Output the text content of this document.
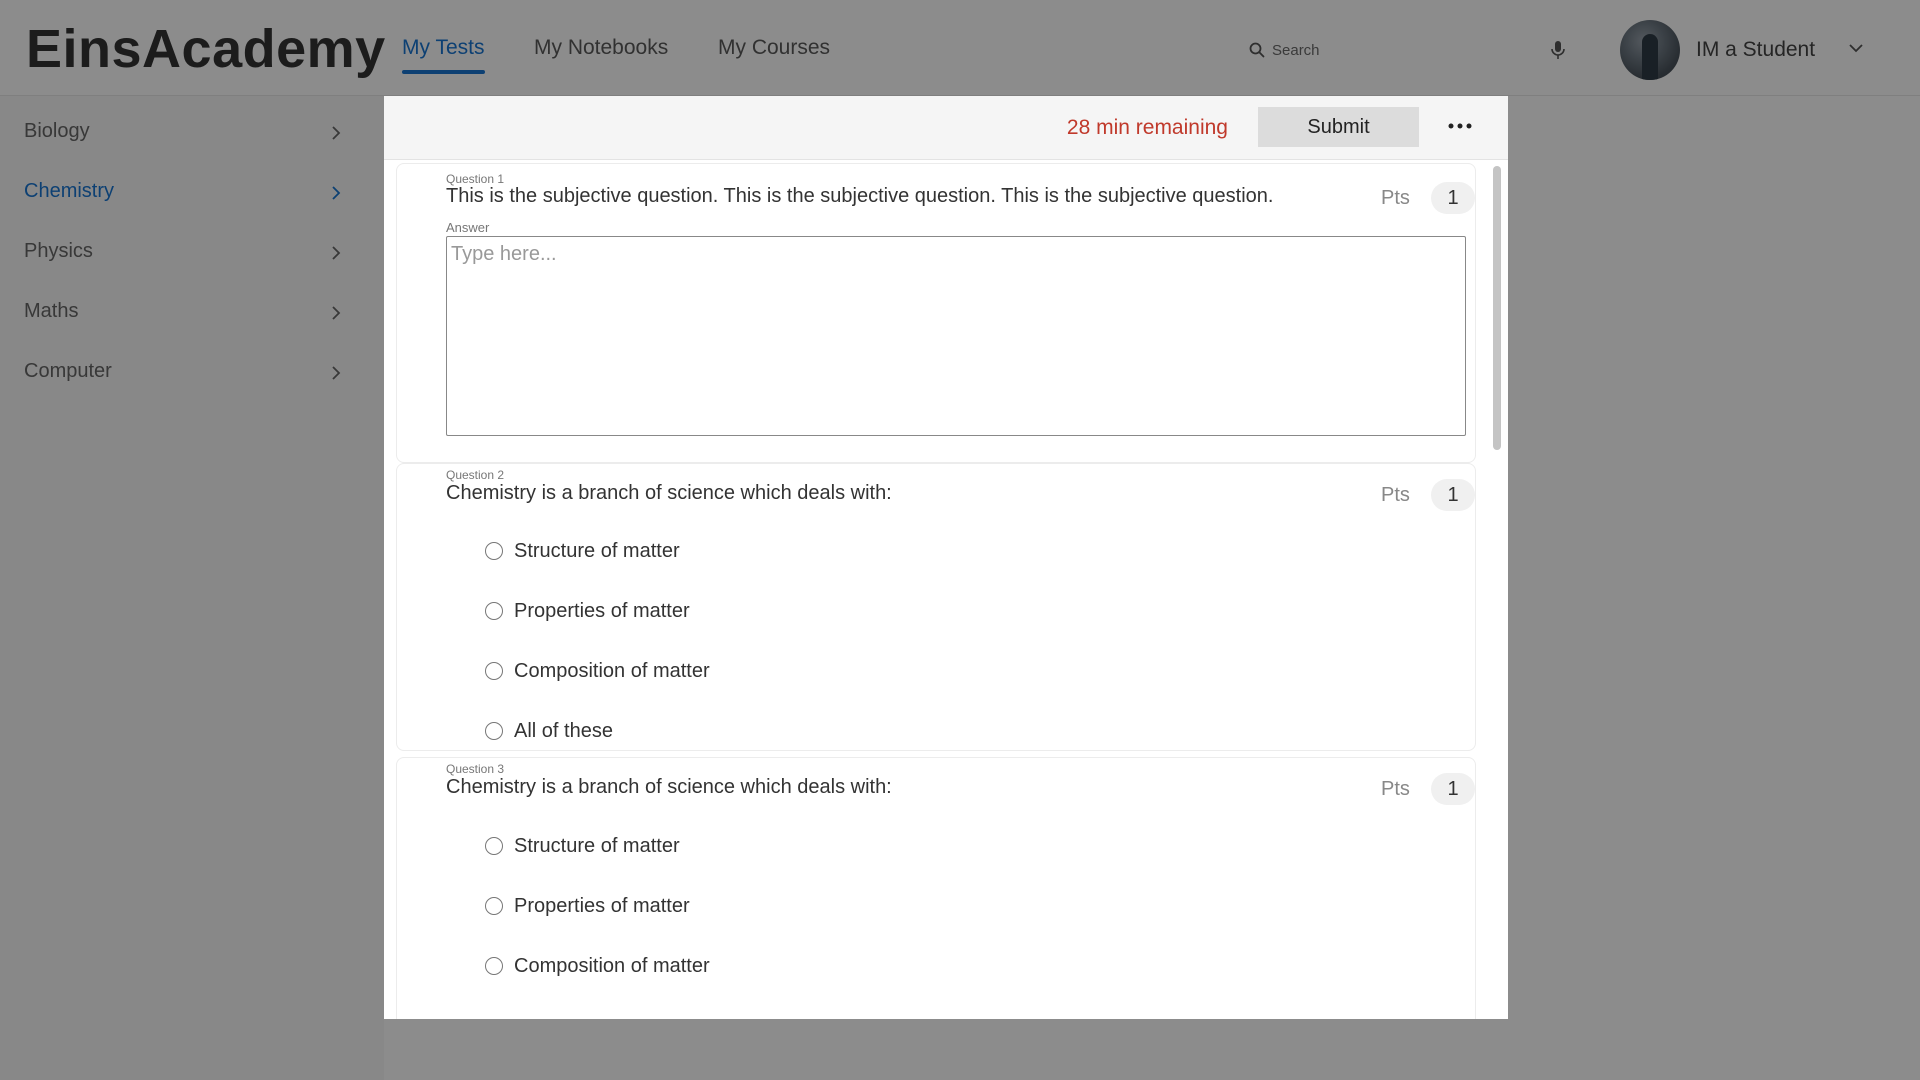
EinsAcademy My Tests My Notebooks My Courses
Search	IM a Student
Biology
Chemistry
Physics
Maths
Computer
28 min remaining	Submit
Question 1
This is the subjective question. This is the subjective question. This is the subjective question.	Pts	1
Answer
Type here...
Question 2
Chemistry is a branch of science which deals with:	Pts	1
Structure of matter
Properties of matter
Composition of matter
All of these
Question 3
Chemistry is a branch of science which deals with:	Pts	1
Structure of matter
Properties of matter
Composition of matter
